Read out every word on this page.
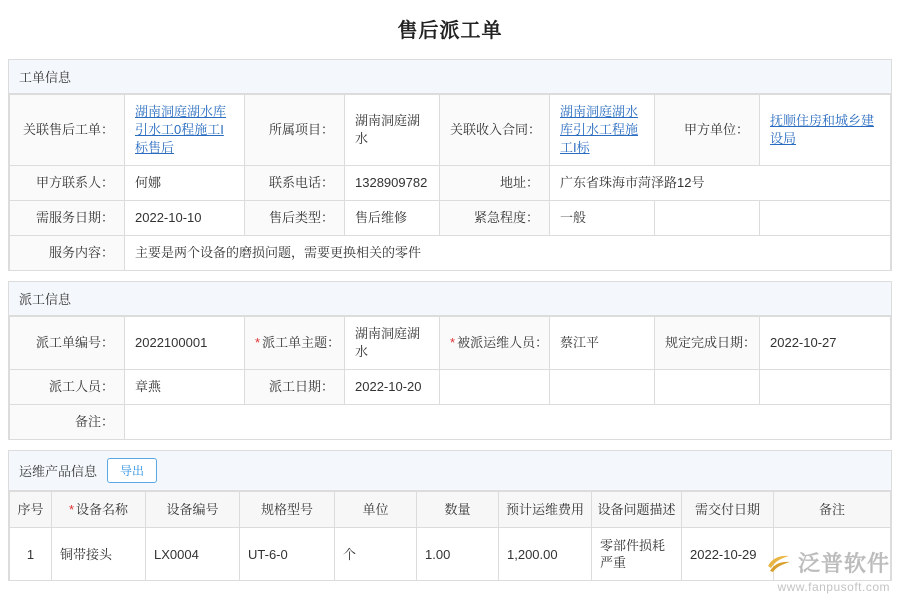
售后派工单
工单信息
关联售后工单：	湖南洞庭湖水库引水工0程施工I标售后	所属项目：	湖南洞庭湖水	关联收入合同：	湖南洞庭湖水库引水工程施工I标	甲方单位：	抚顺住房和城乡建设局
甲方联系人：	何娜	联系电话：	1328909782	地址：	广东省珠海市菏泽路12号		
需服务日期：	2022-10-10	售后类型：	售后维修	紧急程度：	一般		
服务内容：	主要是两个设备的磨损问题，需要更换相关的零件						
派工信息
派工单编号：	2022100001	* 派工单主题：	湖南洞庭湖水	* 被派运维人员：	蔡江平	规定完成日期：	2022-10-27
派工人员：	章燕	派工日期：	2022-10-20				
备注：							
运维产品信息	导出
序号	* 设备名称	设备编号	规格型号	单位	数量	预计运维费用	设备问题描述	需交付日期	备注
1	铜带接头	LX0004	UT-6-0	个	1.00	1,200.00	零部件损耗严重	2022-10-29	泛普软件
www.fanpusoft.com
